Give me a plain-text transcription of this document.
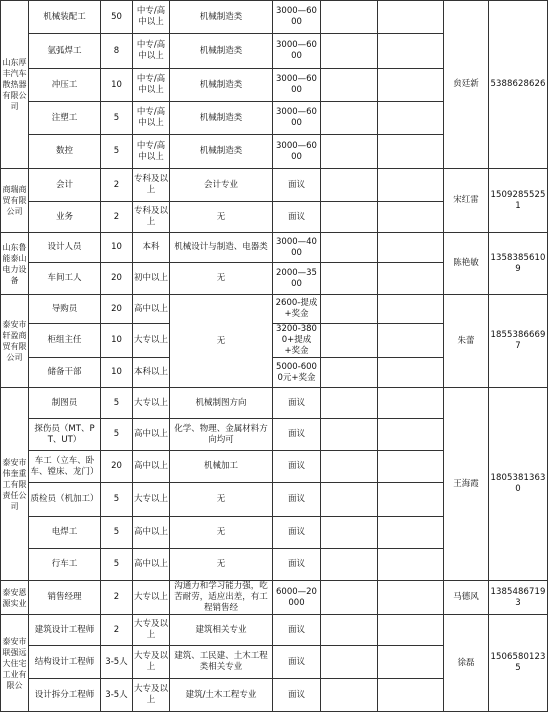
山东厚丰汽车散热器有限公司	机械装配工	50	中专/高中以上	机械制造类	3000—6000			贠廷新	5388628626
	氩弧焊工	8	中专/高中以上	机械制造类	3000—6000				
	冲压工	10	中专/高中以上	机械制造类	3000—6000				
	注塑工	5	中专/高中以上	机械制造类	3000—6000				
	数控	5	中专/高中以上	机械制造类	3000—6000				
商瑞商贸有限公司	会计	2	专科及以上	会计专业	面议			宋红雷	15092855251
	业务	2	专科及以上	无	面议				
山东鲁能泰山电力设备	设计人员	10	本科	机械设计与制造、电器类	3000—4000			陈艳敏	13583856109
	车间工人	20	初中以上	无	2000—3500				
泰安市轩盈商贸有限公司	导购员	20	高中以上	无	2600-提成+奖金			朱蕾	18553866697
	柜组主任	10	大专以上		3200-3800+提成+奖金				
	储备干部	10	本科以上		5000-6000元+奖金				
泰安市伟奎重工有限责任公司	制图员	5	大专以上	机械制图方向	面议			王海霞	18053813630
	探伤员（MT、PT、UT）	5	高中以上	化学、物理、金属材料方向均可	面议				
	车工（立车、卧车、镗床、龙门）	20	高中以上	机械加工	面议				
	质检员（机加工）	5	大专以上	无	面议				
	电焊工	5	高中以上	无	面议				
	行车工	5	高中以上	无	面议				
泰安恩源实业	销售经理	2	大专以上	沟通力和学习能力强，吃苦耐劳，适应出差，有工程销售经	6000—20000			马德风	13854867193
泰安市联强远大住宅工业有限公	建筑设计工程师	2	大专及以上	建筑相关专业	面议			徐磊	15065801235
	结构设计工程师	3-5人	大专及以上	建筑、工民建、土木工程类相关专业	面议				
	设计拆分工程师	3-5人	大专及以上	建筑/土木工程专业	面议				
